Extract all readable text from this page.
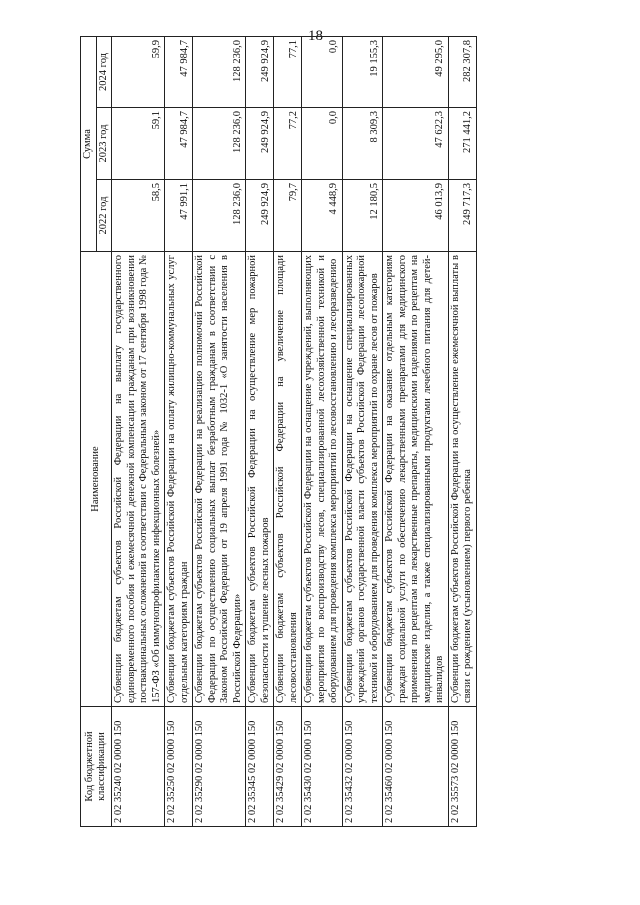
18
Код бюджетной классификации	Наименование	Сумма		
		2022 год	2023 год	2024 год
2 02 35240 02 0000 150	Субвенции бюджетам субъектов Российской Федерации на выплату государственного единовременного пособия и ежемесячной денежной компенсации гражданам при возникновении поствакцинальных осложнений в соответствии с Федеральным законом от 17 сентября 1998 года № 157-ФЗ «Об иммунопрофилактике инфекционных болезней»	58,5	59,1	59,9
2 02 35250 02 0000 150	Субвенции бюджетам субъектов Российской Федерации на оплату жилищно-коммунальных услуг отдельным категориям граждан	47 991,1	47 984,7	47 984,7
2 02 35290 02 0000 150	Субвенции бюджетам субъектов Российской Федерации на реализацию полномочий Российской Федерации по осуществлению социальных выплат безработным гражданам в соответствии с Законом Российской Федерации от 19 апреля 1991 года № 1032-1 «О занятости населения в Российской Федерации»	128 236,0	128 236,0	128 236,0
2 02 35345 02 0000 150	Субвенции бюджетам субъектов Российской Федерации на осуществление мер пожарной безопасности и тушение лесных пожаров	249 924,9	249 924,9	249 924,9
2 02 35429 02 0000 150	Субвенции бюджетам субъектов Российской Федерации на увеличение площади лесовосстановления	79,7	77,2	77,1
2 02 35430 02 0000 150	Субвенции бюджетам субъектов Российской Федерации на оснащение учреждений, выполняющих мероприятия по воспроизводству лесов, специализированной лесохозяйственной техникой и оборудованием для проведения комплекса мероприятий по лесовосстановлению и лесоразведению	4 448,9	0,0	0,0
2 02 35432 02 0000 150	Субвенции бюджетам субъектов Российской Федерации на оснащение специализированных учреждений органов государственной власти субъектов Российской Федерации лесопожарной техникой и оборудованием для проведения комплекса мероприятий по охране лесов от пожаров	12 180,5	8 309,3	19 155,3
2 02 35460 02 0000 150	Субвенции бюджетам субъектов Российской Федерации на оказание отдельным категориям граждан социальной услуги по обеспечению лекарственными препаратами для медицинского применения по рецептам на лекарственные препараты, медицинскими изделиями по рецептам на медицинские изделия, а также специализированными продуктами лечебного питания для детей-инвалидов	46 013,9	47 622,3	49 295,0
2 02 35573 02 0000 150	Субвенции бюджетам субъектов Российской Федерации на осуществление ежемесячной выплаты в связи с рождением (усыновлением) первого ребенка	249 717,3	271 441,2	282 307,8
